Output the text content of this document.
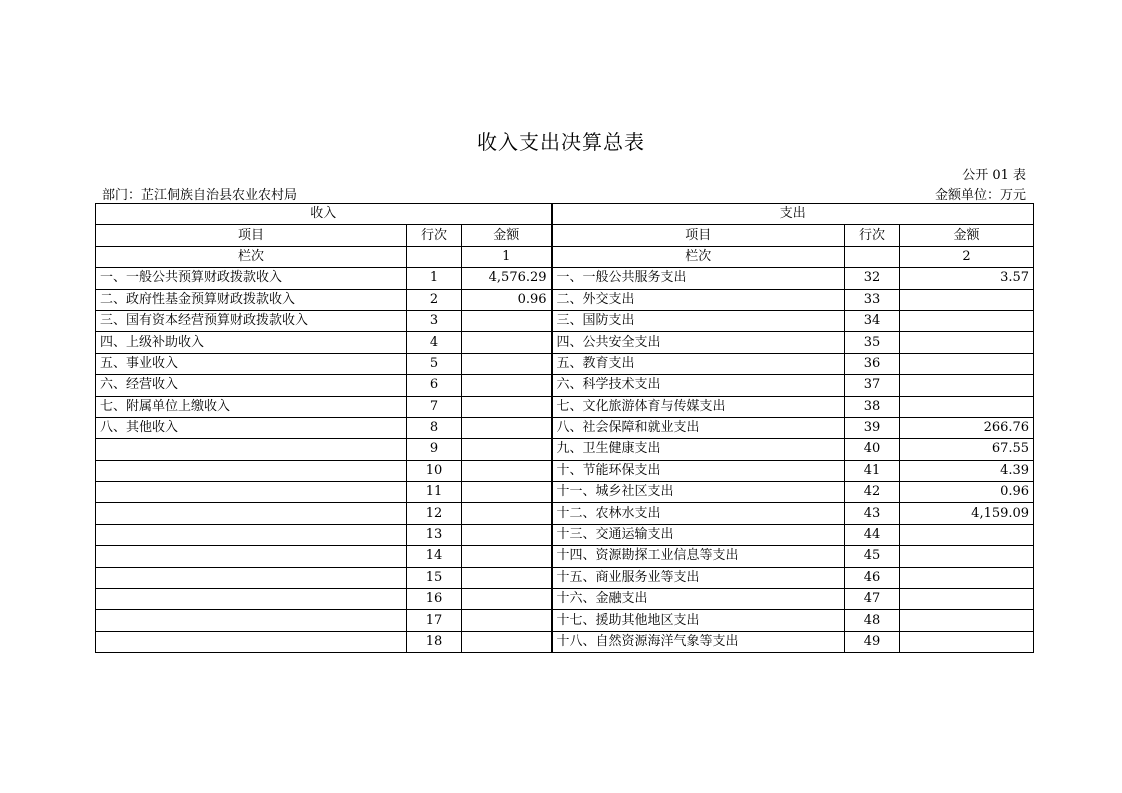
收入支出决算总表
公开 01 表
部门：芷江侗族自治县农业农村局	金额单位：万元
收入			支出		
项目	行次	金额	项目	行次	金额
栏次		1	栏次		2
一、一般公共预算财政拨款收入	1	4,576.29	一、一般公共服务支出	32	3.57
二、政府性基金预算财政拨款收入	2	0.96	二、外交支出	33	
三、国有资本经营预算财政拨款收入	3		三、国防支出	34	
四、上级补助收入	4		四、公共安全支出	35	
五、事业收入	5		五、教育支出	36	
六、经营收入	6		六、科学技术支出	37	
七、附属单位上缴收入	7		七、文化旅游体育与传媒支出	38	
八、其他收入	8		八、社会保障和就业支出	39	266.76
	9		九、卫生健康支出	40	67.55
	10		十、节能环保支出	41	4.39
	11		十一、城乡社区支出	42	0.96
	12		十二、农林水支出	43	4,159.09
	13		十三、交通运输支出	44	
	14		十四、资源勘探工业信息等支出	45	
	15		十五、商业服务业等支出	46	
	16		十六、金融支出	47	
	17		十七、援助其他地区支出	48	
	18		十八、自然资源海洋气象等支出	49	
